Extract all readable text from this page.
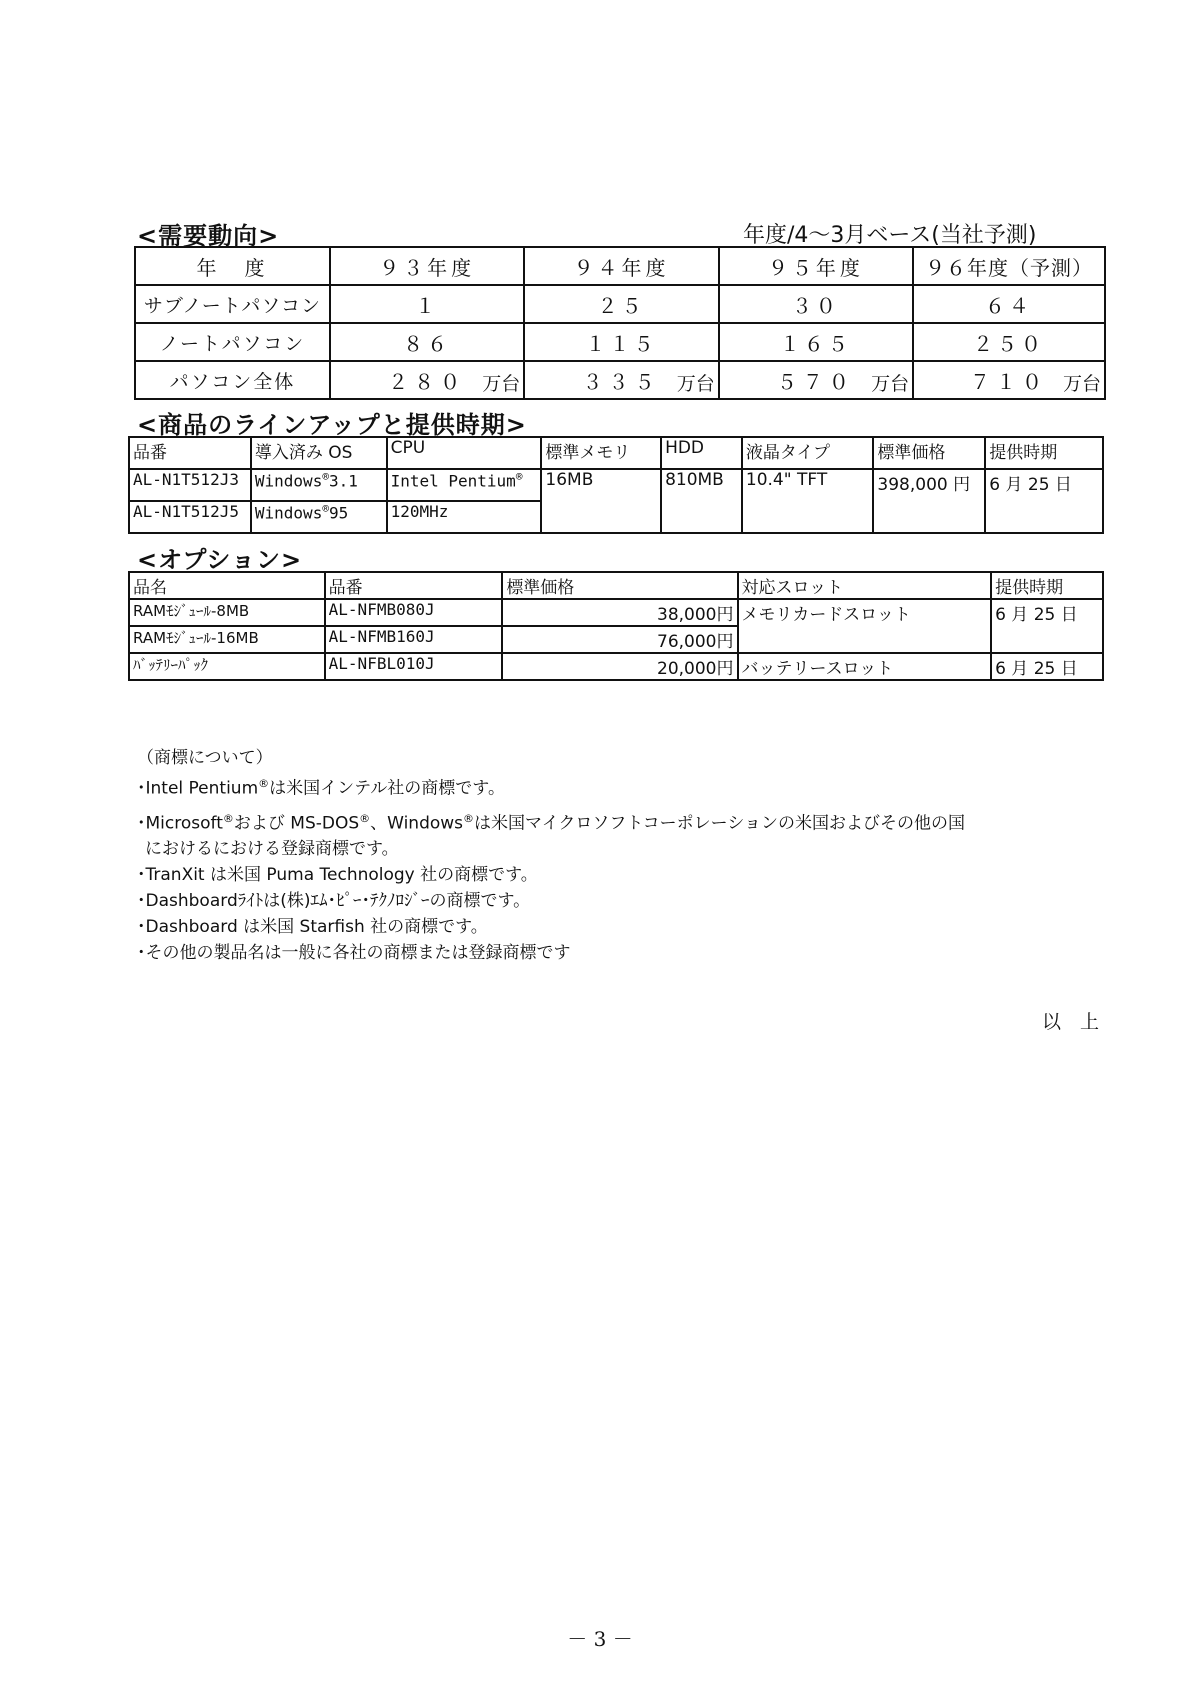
<需要動向>	年度/4～3月ベース(当社予測)
年　度	９３年度	９４年度	９５年度	９６年度（予測）
サブノートパソコン	１	２５	３０	６４
ノートパソコン	８６	１１５	１６５	２５０
パソコン全体	２８０ 万台	３３５ 万台	５７０ 万台	７１０ 万台
<商品のラインアップと提供時期>
品番	導入済み OS	CPU	標準メモリ	HDD	液晶タイプ	標準価格	提供時期
AL-N1T512J3	Windows®3.1	Intel Pentium®	16MB	810MB	10.4" TFT	398,000 円	6 月 25 日
AL-N1T512J5	Windows®95	120MHz					
<オプション>
品名	品番	標準価格	対応スロット	提供時期
RAMﾓｼﾞｭｰﾙ-8MB	AL-NFMB080J	38,000円	メモリカードスロット	6 月 25 日
RAMﾓｼﾞｭｰﾙ-16MB	AL-NFMB160J	76,000円		
ﾊﾞｯﾃﾘｰﾊﾟｯｸ	AL-NFBL010J	20,000円	バッテリースロット	6 月 25 日
（商標について）
･Intel Pentium®は米国インテル社の商標です。
･Microsoft®および MS-DOS®、Windows®は米国マイクロソフトコーポレーションの米国およびその他の国
におけるにおける登録商標です。
･TranXit は米国 Puma Technology 社の商標です。
･Dashboardﾗｲﾄは(株)ｴﾑ･ﾋﾟｰ･ﾃｸﾉﾛｼﾞｰの商標です。
･Dashboard は米国 Starfish 社の商標です。
･その他の製品名は一般に各社の商標または登録商標です
以　上
－ 3 －
